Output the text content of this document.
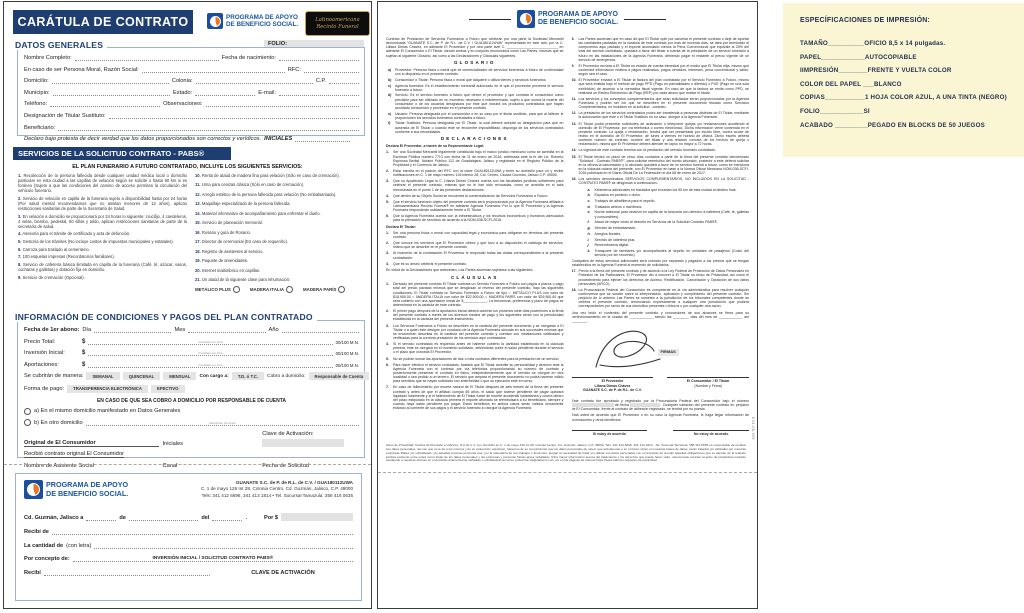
CARÁTULA DE CONTRATO	PROGRAMA DE APOYO
DE BENEFICIO SOCIAL.
Latinoamericana
Recinto Funeral
FOLIO:
DATOS GENERALES
Nombre Completo:	Fecha de nacimiento:
En caso de ser Persona Moral, Razón Social:	RFC:
Domicilio:	Colonia:	C.P.
Municipio:	Estado:	E-mail:
Teléfono:	Observaciones:
Designación de Titular Sustituto:
Beneficiario:
Declaro bajo protesta de decir verdad que los datos proporcionados son correctos y verídicos. INICIALES
SERVICIOS DE LA SOLICITUD CONTRATO - PABS®
EL PLAN FUNERARIO A FUTURO CONTRATADO, INCLUYE LOS SIGUIENTES SERVICIOS:
1. Recolección de la persona fallecida desde cualquier unidad médica local o domicilio particular en esta ciudad a las capillas de velación según se solicite o hasta 50 km si es foráneo (Sujeto a que las condiciones del camino de acceso permitan la circulación del vehículo funerario.
2. Servicio de velación en capilla de la funeraria sujeto a disponibilidad hasta por 24 horas (Por salud mental recomendamos que no asistan menores de 12 años), aplican restricciones sanitarias de parte de la Secretaría de Salud.
3. En velación a domicilio se proporcionará por 24 horas lo siguiente: crucifijo, 4 candeleros, 4 velas, biombo, pedestal, 50 sillas y toldo, aplican restricciones sanitarias de parte de la secretaría de salud.
4. Asesoría para el trámite de certificado y acta de defunción.
5. Gestoría de los trámites (No incluye costos de impuestos municipales y estatales).
6. Carroza para traslado al cementerio.
7. 100 esquelas impresas (Recordatorios familiares).
8. Servicio de cafetería básica ilimitada en capilla de la funeraria (Café, té, azúcar, vasos, cucharas y galletas) y dotación fija en domicilio.
9. Servicio de cremación (Opcional).
10. Renta de ataúd de madera fina para velación (Sólo en caso de cremación).
11. Urna para cenizas clásica (Sólo en caso de cremación).
12. Arreglo estético de la persona fallecida para velación (No embalsamado).
13. Maquillaje especializado de la persona fallecida.
14. Material informativo de acompañamiento para enfrentar el duelo.
15. Servicio de planeación memorial.
16. Rosario y guía de Rosario.
17. Director de ceremonial (En caso de requerirlo).
18. Registro de asistentes al servicio.
19. Paquete de amenidades.
20. Internet inalámbrico en capillas.
21. Un ataúd de la siguiente clase para inhumación:
METÁLICO PLUS	MADERA ITALIA	MADERA PARÍS
INFORMACIÓN DE CONDICIONES Y PAGOS DEL PLAN CONTRATADO
Fecha de 1er abono: Día	Mes	Año
Precio Total:	$	Cantidad con letra	00/100 M.N.
Inversión Inicial:	$	Cantidad con letra	00/100 M.N.
Aportaciones:	$	Cantidad con letra	00/100 M.N.
Se cubrirán de manera:	SEMANAL	QUINCENAL	MENSUAL	Con cargo a:	T.D. ó T.C.	Cobro a domicilio:	Responsable de Cuenta
Forma de pago:	TRANSFERENCIA ELECTRÓNICA	EFECTIVO
EN CASO DE QUE SEA COBRO A DOMICILIO POR RESPONSABLE DE CUENTA
a) En el mismo domicilio manifestado en Datos Generales
b) En otro domicilio	Manifestar domicilio
Original de El Consumidor	Iniciales
Clave de Activación:
Recibió contrato original El Consumidor
Nombre de Asistente Social	Canal	Fecha de Solicitud
PROGRAMA DE APOYO
DE BENEFICIO SOCIAL.
GUANATE S.C. de P. de R.L. de C.V. / GUA180112UWA
C. 1 de mayo 126 Int 28, Colonia Centro, Cd. Guzmán, Jalisco, C.P. 49000
Tels: 341 412 6696, 341 413 1814 • Tel. Sucursal Tamazula: 358 416 0635
Cd. Guzmán, Jalisco a	de	del	.	Por $
Recibí de
La cantidad de (con letra)
Por concepto de:	INVERSIÓN INICIAL / SOLICITUD CONTRATO PABS®
Recibí	CLAVE DE ACTIVACIÓN
PROGRAMA DE APOYO
DE BENEFICIO SOCIAL.

Contrato de Prestación de Servicios Funerarios a Futuro que celebran por una parte la Sociedad Mercantil denominada "GUANATE S.C. de P. de R.L. de C.V. / GUA180112UWA" representada en este acto por la C. Liliana Dimas Chávez, en adelante El Proveedor y por otra parte la/el C. __________________________ en adelante El Consumidor o El Titular, siendo ambos y en conjunto reconocidos como Las Partes, mismos que se sujetan al siguiente Glosario, así como a las Declaraciones y Cláusulas siguientes.

GLOSARIO
a) Proveedor: Persona física o moral que es comercializador de servicios funerarios a futuro de conformidad con lo dispuesto en el presente contrato.
b) Consumidor o Titular: Persona física o moral que adquiere o utiliza bienes y servicios funerarios.
c) Agencia funeraria: Es el establecimiento mercantil autorizado en el que el proveedor proveerá el servicio funerario a futuro.
d) Servicio: Es el servicio funerario a futuro que ofrece el proveedor y que contrata el consumidor como previsión para ser utilizado en un momento necesario e indeterminado, sujeto a que ocurra la muerte del consumidor o de los usuarios designados por éste que incluirá los productos contratados que hayan acordado consumidor y proveedor en el presente contrato.
e) Usuario: Persona designada por el consumidor o en su caso por el titular sustituto, para que al fallecer le proporcionen los servicios funerarios contratados a futuro.
f) Titular Sustituto: Persona designada por El Titular, la cual deberá aceptar su designación para que en ausencia de El Titular o cuando éste se encuentre imposibilitado, disponga de los servicios contratados conforme a sus necesidades.
DECLARACIONES

Declara El Proveedor, a través de su Representante Legal:

1. Ser una Sociedad Mercantil legalmente constituida bajo el marco jurídico mexicano como se acredita en la Escritura Pública número 7713 con fecha de 11 de enero de 2018, celebrada ante la fe del Lic. Roberto Espinosa Bedial, Notario Público 112 de Guadalajara, Jalisco y registrada en el Registro Público de la Propiedad y el Comercio de Jalisco.
2. Estar inscrita en el padrón del RFC con la clave GUA180112UWA y tener su domicilio para oír y recibir notificaciones en C. 1 de mayo número 126 interior 28, Col. Centro, Ciudad Guzmán, Jalisco C.P. 49000.
3. Que su Apoderado Legal la C. Liliana Dimas Chávez cuenta con las facultades jurídicas suficientes para celebrar el presente contrato, mismas que no le han sido revocadas, como se acredita en el acta mencionada en el punto 1 de las presentes declaraciones.
4. Que dentro de su Objeto Social se encuentra la comercialización de Servicios Funerarios a Futuro.
5. Que el servicio funerario objeto del presente contrato será proporcionado por la Agencia Funeraria afiliada a Latinoamericana Recinto Funeral® en adelante Agencia Funeraria. Por lo que El Proveedor y la Agencia Funeraria responderán solidariamente frente a El Titular.
6. Que la Agencia Funeraria cuenta con la infraestructura y los recursos económicos y humanos adecuados para la prestación de servicios de acuerdo a la NOM-036-SCFI-2016.

Declara El Titular:

1. Ser una persona física o moral con capacidad legal y económica para obligarse en términos del presente contrato.
2. Que conoce los servicios que El Proveedor ofrece y que tuvo a su disposición el catálogo de servicios, mismo que se describe en el presente contrato.
3. Al momento de la contratación El Proveedor le respondió todas las dudas correspondientes a la presente contratación.
4. Que es su deseo celebrar el presente contrato.

En virtud de la Declaraciones que anteceden, Las Partes acuerdan sujetarse a las siguientes:

CLÁUSULAS
1. Derivado del presente contrato El Titular contrata un Servicio Funerario a Futuro con pagos a plazos o pago total del precio pactado mismos que se desglosan al reverso del presente contrato, bajo las siguientes condiciones: El Titular contrata un Servicio Funerario a Futuro de tipo ○ METÁLICO PLUS con valor de $18,900.00 ○ MADERA ITALIA con valor de $22,900.00 ○ MADERA PARÍS con valor de $29,900.00 que será cubierto con una aportación inicial de $____________. La frecuencia, preferencia y plazo de pagos se determinará en la carátula de este contrato.
2. El primer pago después de la aportación inicial deberá cubrirse los próximos siete días posteriores a la firma del presente contrato a través de los diversos medios de pago y los siguientes serán con la periodicidad establecida en la carátula del presente instrumento.
3. Los Servicios Funerarios a Futuro se describen en la carátula del presente documento y se otorgarán a El Titular o a quien éste designe por conducto de la Agencia Funeraria ubicada en sus sucursales mismas que se encuentran descritas en la carátula del presente contrato y cuentan con instalaciones calificadas y verificadas para la correcta prestación de los servicios aquí contratados.
4. Si el servicio contratado es requerido antes de haberse cubierto la cantidad establecida en la cláusula primera, éste se otorgará en el momento solicitado, debiéndose cubrir el saldo pendiente durante el servicio o el plazo que conceda El Proveedor.
5. No se podrán sumar las aportaciones de dos o más contratos diferentes para la prestación de un servicio.
6. Para hacer efectivo el servicio contratado, bastará que El Titular acredite su personalidad y derecho ante la Agencia Funeraria con el contrato por vía telefónica proporcionando su número de contrato y posteriormente presentar el contrato en físico, independientemente que el servicio se otorgue en otra localidad o sea pedido a un tercero. El servicio que ampara el presente documento no podrá hacerse válido para servicios que se hayan solicitado con anterioridad o que su ejecución esté en curso.
7. En caso de fallecimiento por muerte natural de El Titular después de seis meses de la firma del presente contrato y antes de que el afiliado cumpla 65 años, el saldo que tuviese pendiente de pagar quedará liquidado totalmente y si el fallecimiento de El Titular fuese de muerte accidental instantánea y ocurra dentro del plazo estipulado en la cláusula primera el importe abonado se reembolsará a su beneficiario, siempre y cuando haya saldo pendiente por pagar. Estos beneficios en ambos casos serán válidos únicamente estando al corriente de sus pagos y el servicio funerario lo otorgue la Agencia Funeraria.
8. Las Partes acuerdan que en caso de que El Titular opte por cancelar el presente contrato o deje de aportar las cantidades pactadas en la carátula de este contrato por más de noventa días, se dará por terminado el compromiso aquí pactado y el importe acumulado menos la Pena Convencional que equivale al 20% del total del servicio contratado, quedará a favor del titular a cuenta de la prestación de un servicio funerario a futuro en las instalaciones de la Agencia Funeraria, debiendo pagar el restante al precio vigente de un servicio de emergencia.
9. El Proveedor enviará a El Titular un estado de cuenta trimestral por el medio que El Titular elija, mismo que contendrá información relativa a pagos realizados, pagos vencidos, intereses, pena convencional y saldo, según sea el caso.
10. El Proveedor enviará a El Titular la factura del plan contratado por el Servicio Funerario a Futuro, mismo que será emitida bajo el método de pago PPD (Pago en parcialidades o diferido) o PUE (Pago en una sola exhibición) de acuerdo a la normativa fiscal vigente. En caso de que la factura se emita como PPD, se realizará un Recibo Electrónico de Pago (REP) por cada abono que realice el titular.
11. Los servicios y los conceptos complementarios que sean solicitados serán proporcionados por la Agencia Funeraria y podrán ser los que se describen en el presente documento titulado como Servicios Complementarios, no incluidos en la solicitud - contrato.
12. La prestación de los servicios contratados podrá ser transferida a personas distintas de El Titular, mediante la autorización que éste o el Titular Sustituto en su caso, otorgue a la Agencia Funeraria.
13. El Titular podrá presentar solicitudes de aclaración o interponer quejas y/o reclamaciones acudiendo al domicilio de El Proveedor, por vía telefónica o correo electrónico. Dicha información viene contenida en el presente contrato. La queja o reclamación, tendrá que ser presentada por escrito libre, contra acuse de recibo en el domicilio de El Proveedor, de lunes a viernes en horario de oficina. Dicho escrito deberá contener número de contrato, nombre del titular y una relación concisa de los hechos de queja o reclamación, misma que El Proveedor deberá atender en lapso no mayor a 72 horas.
14. La vigencia de este contrato termina con la prestación del servicio funerario contratado.
15. El Titular tendrá un plazo de cinco días contados a partir de la firma del presente contrato denominado "Solicitud - Contrato PABS®", para solicitar reembolso del monto abonado, posterior a este deberá solicitar en la oficina la cancelación y lo abonado quedará a favor de un servicio funeral a futuro, como se menciona en la cláusula octava del presente, con El Proveedor en base a la Norma Oficial Mexicana NOM-036-SCFI-2016 publicada en el Diario Oficial De La Federación el día 06 de enero de 2017.
16. Los servicios denominados SERVICIOS COMPLEMENTARIOS, NO INCLUIDOS EN LA SOLICITUD - CONTRATO PABS® se desglosan a continuación:
a. Kilómetros adicionales en traslados que excedan los 50 km de esta ciudad al destino final.
b. Espacios en panteón o nicho.
c. Trabajos de albañilería para el sepelio.
d. Traslados aéreos o marítimos.
e. Noche adicional para velación en capilla de la funeraria con derecho a cafetería (Café, té, galletas y consumibles).
f. Ataúd de mayor costo al descrito en Servicios de la Solicitud Contrato PABS®.
g. Servicio de embalsamado.
h. Arreglos florales.
i. Servicio de cafetería plus.
j. Remembranza digital.
k. Transporte de familiares y/o acompañantes al sepelio en unidades de pasajeros (Costo del servicio por km recorrido).

Cualquiera de estos servicios adicionales será cobrado por separado y pagados a los precios que se tengan establecidos en la Agencia Funeral al momento de solicitarlos.

17. Previo a la firma del presente contrato y de acuerdo a la Ley Federal de Protección de Datos Personales en Posesión de los Particulares, El Proveedor dio a conocer a El Titular su Aviso de Privacidad, así como el procedimiento para ejercer los derechos de Acceso, Rectificación, Cancelación y Oposición de sus datos personales (ARCO).
18. La Procuraduría Federal del Consumidor es competente en la vía administrativa para resolver cualquier controversia que se suscite sobre la interpretación, aplicación y cumplimiento del presente contrato. Sin perjuicio de lo anterior Las Partes se someten a la jurisdicción de los tribunales competentes donde se celebra el presente contrato, renunciando expresamente a cualquier otra jurisdicción que pudiera corresponderles por razón de sus domicilios presentes o futuros o por cualquier otra razón.

Una vez leído el contenido del presente contrato y conocedores de sus alcances se firma para su perfeccionamiento en la ciudad de ____________ siendo las ________ días del mes de ____________ del ________.

FIRMAS
El Proveedor
Liliana Dimas Chávez
GUANATE S.C. de P. de R.L. de C.V.
El Consumidor / El Titular
(Nombre y Firma)

Este contrato fue aprobado y registrado por la Procuraduría Federal del Consumidor bajo el número  de fecha	. Cualquier variación del presente contrato en perjuicio de El Consumidor, frente al contrato de adhesión registrado, se tendrá por no puesta.

Está usted de acuerdo que El Proveedor o en su caso la Agencia Funeraria, le haga llegar información de promociones y otros beneficios.

Sí estoy de acuerdo	No estoy de acuerdo
Aviso de Privacidad: Cultura de Previsión en México, S.A de C.V. con domicilio en C. 1 de mayo 126 Int 28, Colonia Centro, Cd. Guzmán, Jalisco, C.P. 49000, Tels: 341 412 6696, 341 413 1814 - Tel. Sucursal Tamazula: 358 416 0635 es responsable de recabar sus datos personales, del uso que se le dé a los mismos y de su protección; asimismo, hacemos de su conocimiento que los datos personales de usted, que actualmente o en el futuro obren en nuestras bases de datos, serán tratados y/o utilizados por nuestras empresas filiales y/o subsidiarias, y/o aquellas terceras personas que, por la naturaleza de sus trabajos o funciones, tengan la necesidad de tratar y/o utilizar sus datos personales con el propósito de cumplir aquellas obligaciones que se derivan de la relación jurídica existente entre usted como titular de los datos personales y las empresas y personas físicas antes señaladas. Para mayor información acerca del tratamiento y los derechos que puede hacer valer, usted puede acceder al aviso de privacidad completo acudiendo a nuestras oficinas en el domicilio anteriormente señalado o solicitándolo al correo proteccion.dp@pabsmx.com y/o en las páginas de internet https://www.pabsmx.org/aviso de privacidad
C02-06-005
ESPECÍFICACIONES DE IMPRESIÓN:
TAMAÑO__________OFICIO 8,5 x 14 pulgadas.
PAPEL____________AUTOCOPIABLE
IIMPRESIÓN________FRENTE Y VUELTA COLOR
COLOR DEL PAPEL ___BLANCO
COPIAS___________1 HOJA COLOR AZUL, A UNA TINTA (NEGRO)
FOLIO____________SI
ACABADO _________PEGADO EN BLOCKS DE 50 JUEGOS
